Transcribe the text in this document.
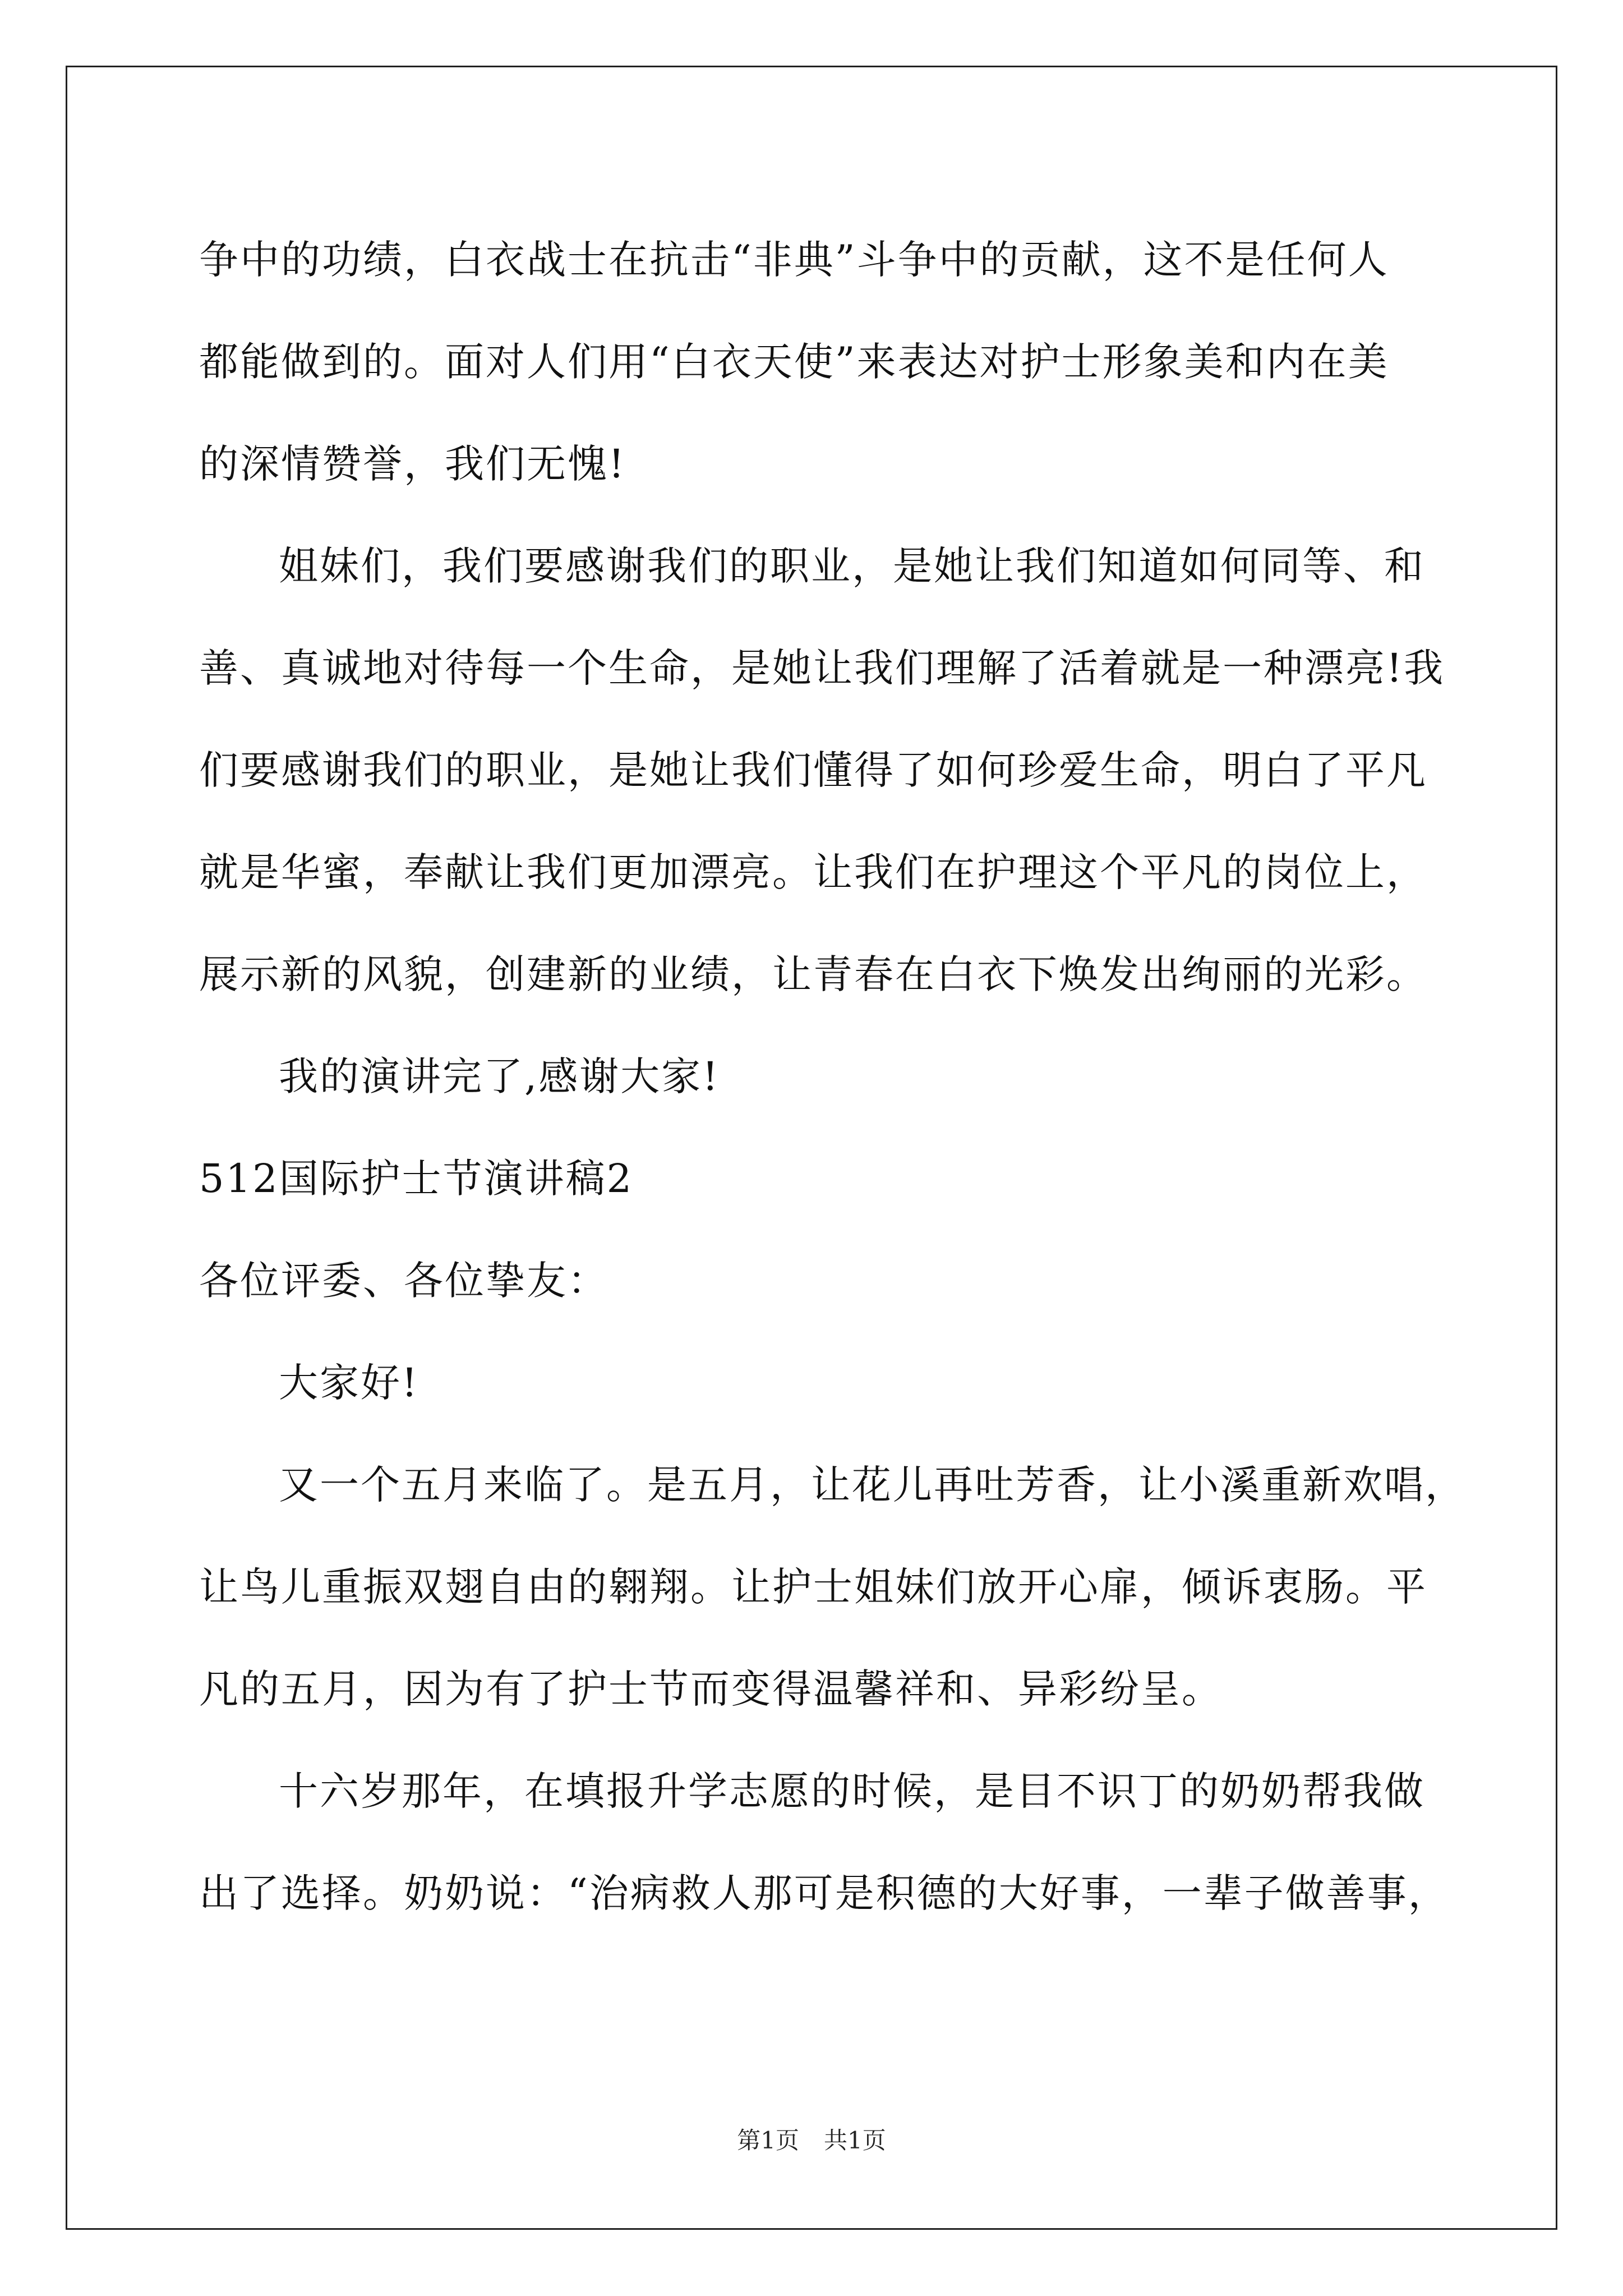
争中的功绩，白衣战士在抗击“非典”斗争中的贡献，这不是任何人
都能做到的。面对人们用“白衣天使”来表达对护士形象美和内在美
的深情赞誉，我们无愧!
姐妹们，我们要感谢我们的职业，是她让我们知道如何同等、和
善、真诚地对待每一个生命，是她让我们理解了活着就是一种漂亮!我
们要感谢我们的职业，是她让我们懂得了如何珍爱生命，明白了平凡
就是华蜜，奉献让我们更加漂亮。让我们在护理这个平凡的岗位上，
展示新的风貌，创建新的业绩，让青春在白衣下焕发出绚丽的光彩。
我的演讲完了,感谢大家!
512国际护士节演讲稿2
各位评委、各位挚友：
大家好!
又一个五月来临了。是五月，让花儿再吐芳香，让小溪重新欢唱，
让鸟儿重振双翅自由的翱翔。让护士姐妹们放开心扉，倾诉衷肠。平
凡的五月，因为有了护士节而变得温馨祥和、异彩纷呈。
十六岁那年，在填报升学志愿的时候，是目不识丁的奶奶帮我做
出了选择。奶奶说：“治病救人那可是积德的大好事，一辈子做善事，
第1页 共1页
